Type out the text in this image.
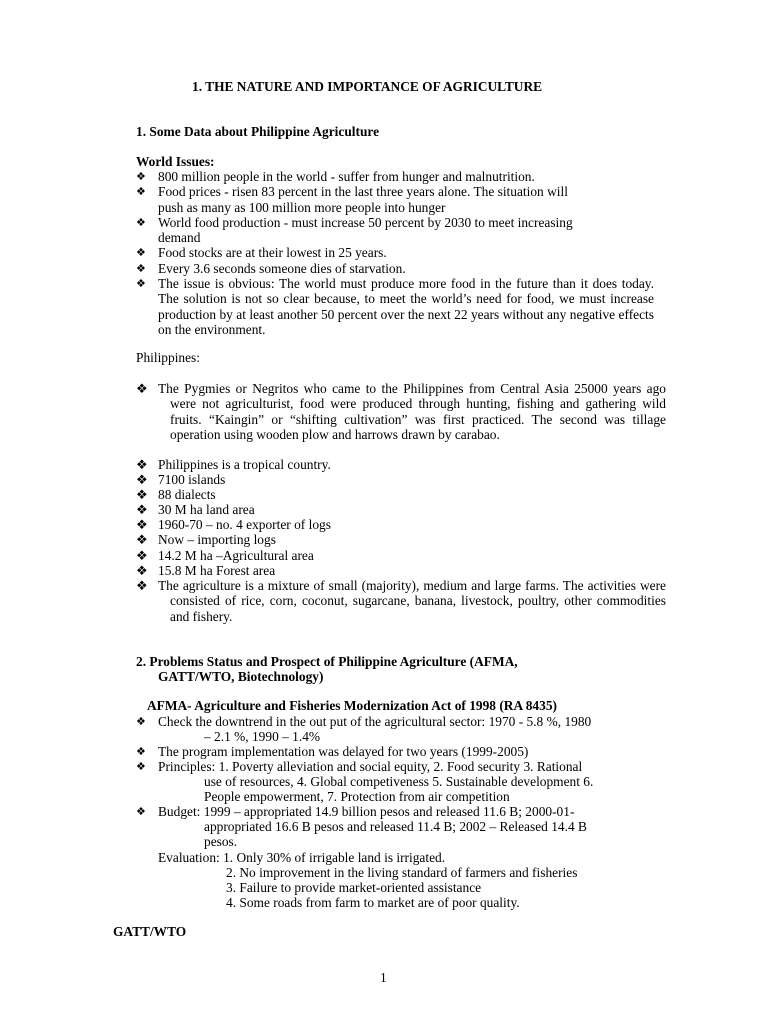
1. THE NATURE AND IMPORTANCE OF AGRICULTURE
1. Some Data about Philippine Agriculture
World Issues:
❖ 800 million people in the world - suffer from hunger and malnutrition.
❖ Food prices - risen 83 percent in the last three years alone. The situation will
push as many as 100 million more people into hunger
❖ World food production - must increase 50 percent by 2030 to meet increasing
demand
❖ Food stocks are at their lowest in 25 years.
❖ Every 3.6 seconds someone dies of starvation.
❖ The issue is obvious: The world must produce more food in the future than it does today. The solution is not so clear because, to meet the world’s need for food, we must increase production by at least another 50 percent over the next 22 years without any negative effects on the environment.
Philippines:
❖ The Pygmies or Negritos who came to the Philippines from Central Asia 25000 years ago were not agriculturist, food were produced through hunting, fishing and gathering wild fruits. “Kaingin” or “shifting cultivation” was first practiced. The second was tillage operation using wooden plow and harrows drawn by carabao.
❖ Philippines is a tropical country.
❖ 7100 islands
❖ 88 dialects
❖ 30 M ha land area
❖ 1960-70 – no. 4 exporter of logs
❖ Now – importing logs
❖ 14.2 M ha –Agricultural area
❖ 15.8 M ha Forest area
❖ The agriculture is a mixture of small (majority), medium and large farms. The activities were consisted of rice, corn, coconut, sugarcane, banana, livestock, poultry, other commodities and fishery.
2. Problems Status and Prospect of Philippine Agriculture (AFMA,
GATT/WTO, Biotechnology)
AFMA- Agriculture and Fisheries Modernization Act of 1998 (RA 8435)
❖ Check the downtrend in the out put of the agricultural sector: 1970 - 5.8 %, 1980
– 2.1 %, 1990 – 1.4%
❖ The program implementation was delayed for two years (1999-2005)
❖ Principles: 1. Poverty alleviation and social equity, 2. Food security 3. Rational
use of resources, 4. Global competiveness 5. Sustainable development 6.
People empowerment, 7. Protection from air competition
❖ Budget: 1999 – appropriated 14.9 billion pesos and released 11.6 B; 2000-01-
appropriated 16.6 B pesos and released 11.4 B; 2002 – Released 14.4 B
pesos.
Evaluation: 1. Only 30% of irrigable land is irrigated.
2. No improvement in the living standard of farmers and fisheries
3. Failure to provide market-oriented assistance
4. Some roads from farm to market are of poor quality.
GATT/WTO
1
